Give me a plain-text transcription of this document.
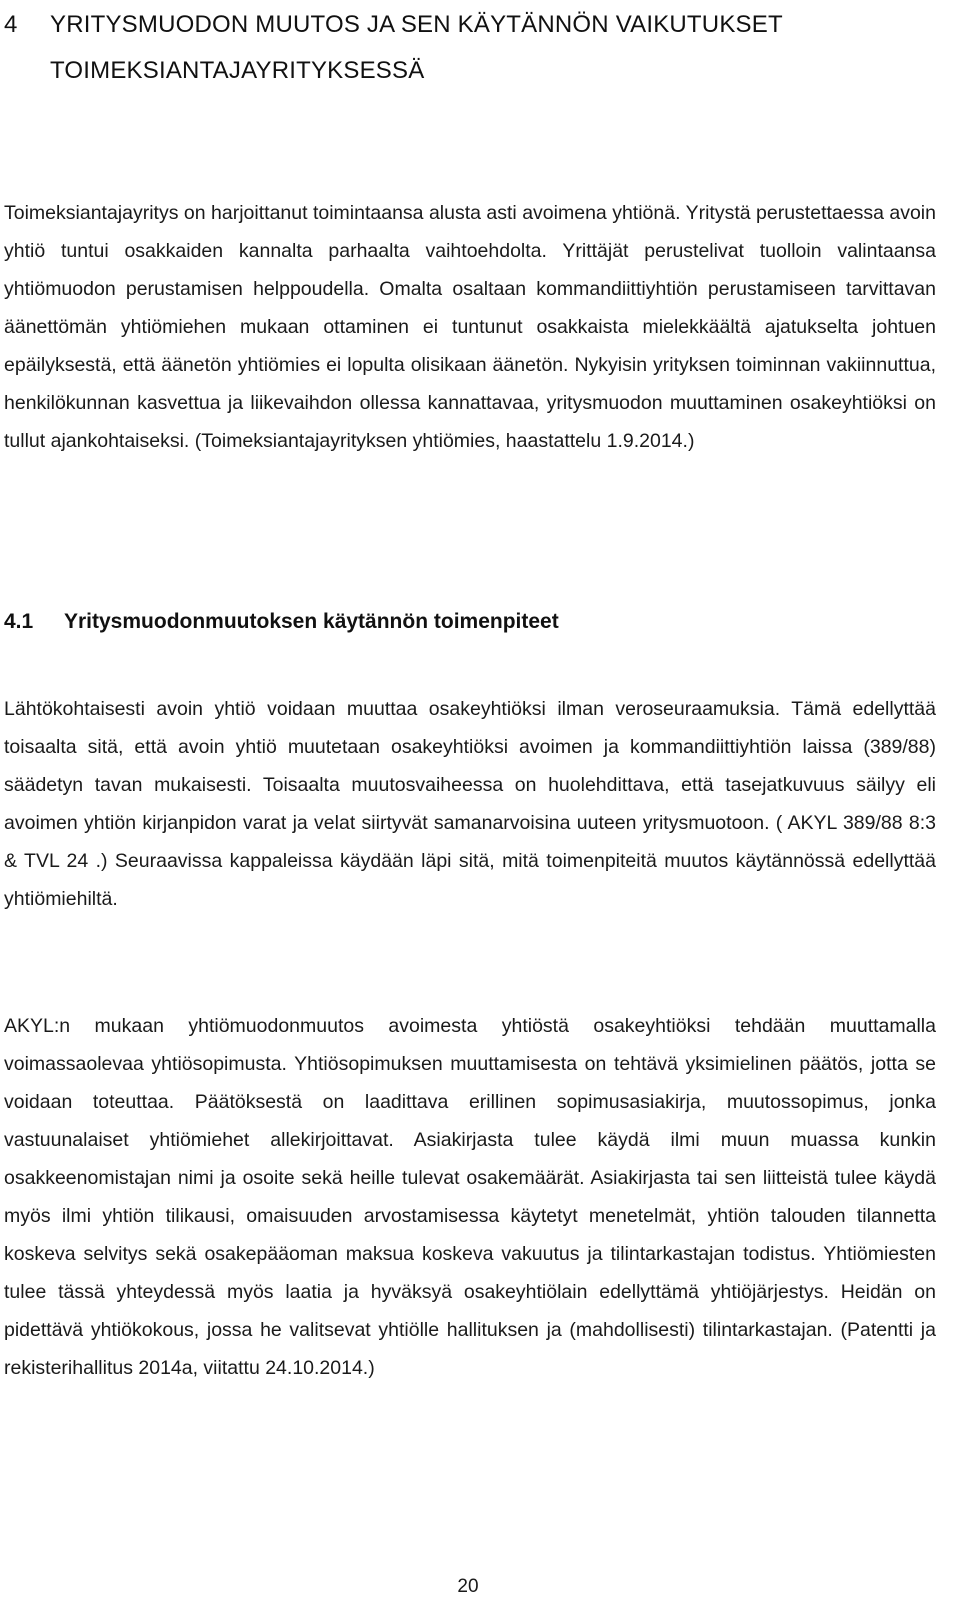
4	YRITYSMUODON MUUTOS JA SEN KÄYTÄNNÖN VAIKUTUKSET TOIMEKSIANTAJAYRITYKSESSÄ

Toimeksiantajayritys on harjoittanut toimintaansa alusta asti avoimena yhtiönä. Yritystä perustettaessa avoin yhtiö tuntui osakkaiden kannalta parhaalta vaihtoehdolta. Yrittäjät perustelivat tuolloin valintaansa yhtiömuodon perustamisen helppoudella. Omalta osaltaan kommandiittiyhtiön perustamiseen tarvittavan äänettömän yhtiömiehen mukaan ottaminen ei tuntunut osakkaista mielekkäältä ajatukselta johtuen epäilyksestä, että äänetön yhtiömies ei lopulta olisikaan äänetön. Nykyisin yrityksen toiminnan vakiinnuttua, henkilökunnan kasvettua ja liikevaihdon ollessa kannattavaa, yritysmuodon muuttaminen osakeyhtiöksi on tullut ajankohtaiseksi. (Toimeksiantajayrityksen yhtiömies, haastattelu 1.9.2014.)

4.1	Yritysmuodonmuutoksen käytännön toimenpiteet

Lähtökohtaisesti avoin yhtiö voidaan muuttaa osakeyhtiöksi ilman veroseuraamuksia. Tämä edellyttää toisaalta sitä, että avoin yhtiö muutetaan osakeyhtiöksi avoimen ja kommandiittiyhtiön laissa (389/88) säädetyn tavan mukaisesti. Toisaalta muutosvaiheessa on huolehdittava, että tasejatkuvuus säilyy eli avoimen yhtiön kirjanpidon varat ja velat siirtyvät samanarvoisina uuteen yritysmuotoon. ( AKYL 389/88 8:3 & TVL 24 .) Seuraavissa kappaleissa käydään läpi sitä, mitä toimenpiteitä muutos käytännössä edellyttää yhtiömiehiltä.

AKYL:n mukaan yhtiömuodonmuutos avoimesta yhtiöstä osakeyhtiöksi tehdään muuttamalla voimassaolevaa yhtiösopimusta. Yhtiösopimuksen muuttamisesta on tehtävä yksimielinen päätös, jotta se voidaan toteuttaa. Päätöksestä on laadittava erillinen sopimusasiakirja, muutossopimus, jonka vastuunalaiset yhtiömiehet allekirjoittavat. Asiakirjasta tulee käydä ilmi muun muassa kunkin osakkeenomistajan nimi ja osoite sekä heille tulevat osakemäärät. Asiakirjasta tai sen liitteistä tulee käydä myös ilmi yhtiön tilikausi, omaisuuden arvostamisessa käytetyt menetelmät, yhtiön talouden tilannetta koskeva selvitys sekä osakepääoman maksua koskeva vakuutus ja tilintarkastajan todistus. Yhtiömiesten tulee tässä yhteydessä myös laatia ja hyväksyä osakeyhtiölain edellyttämä yhtiöjärjestys. Heidän on pidettävä yhtiökokous, jossa he valitsevat yhtiölle hallituksen ja (mahdollisesti) tilintarkastajan. (Patentti ja rekisterihallitus 2014a, viitattu 24.10.2014.)

20
